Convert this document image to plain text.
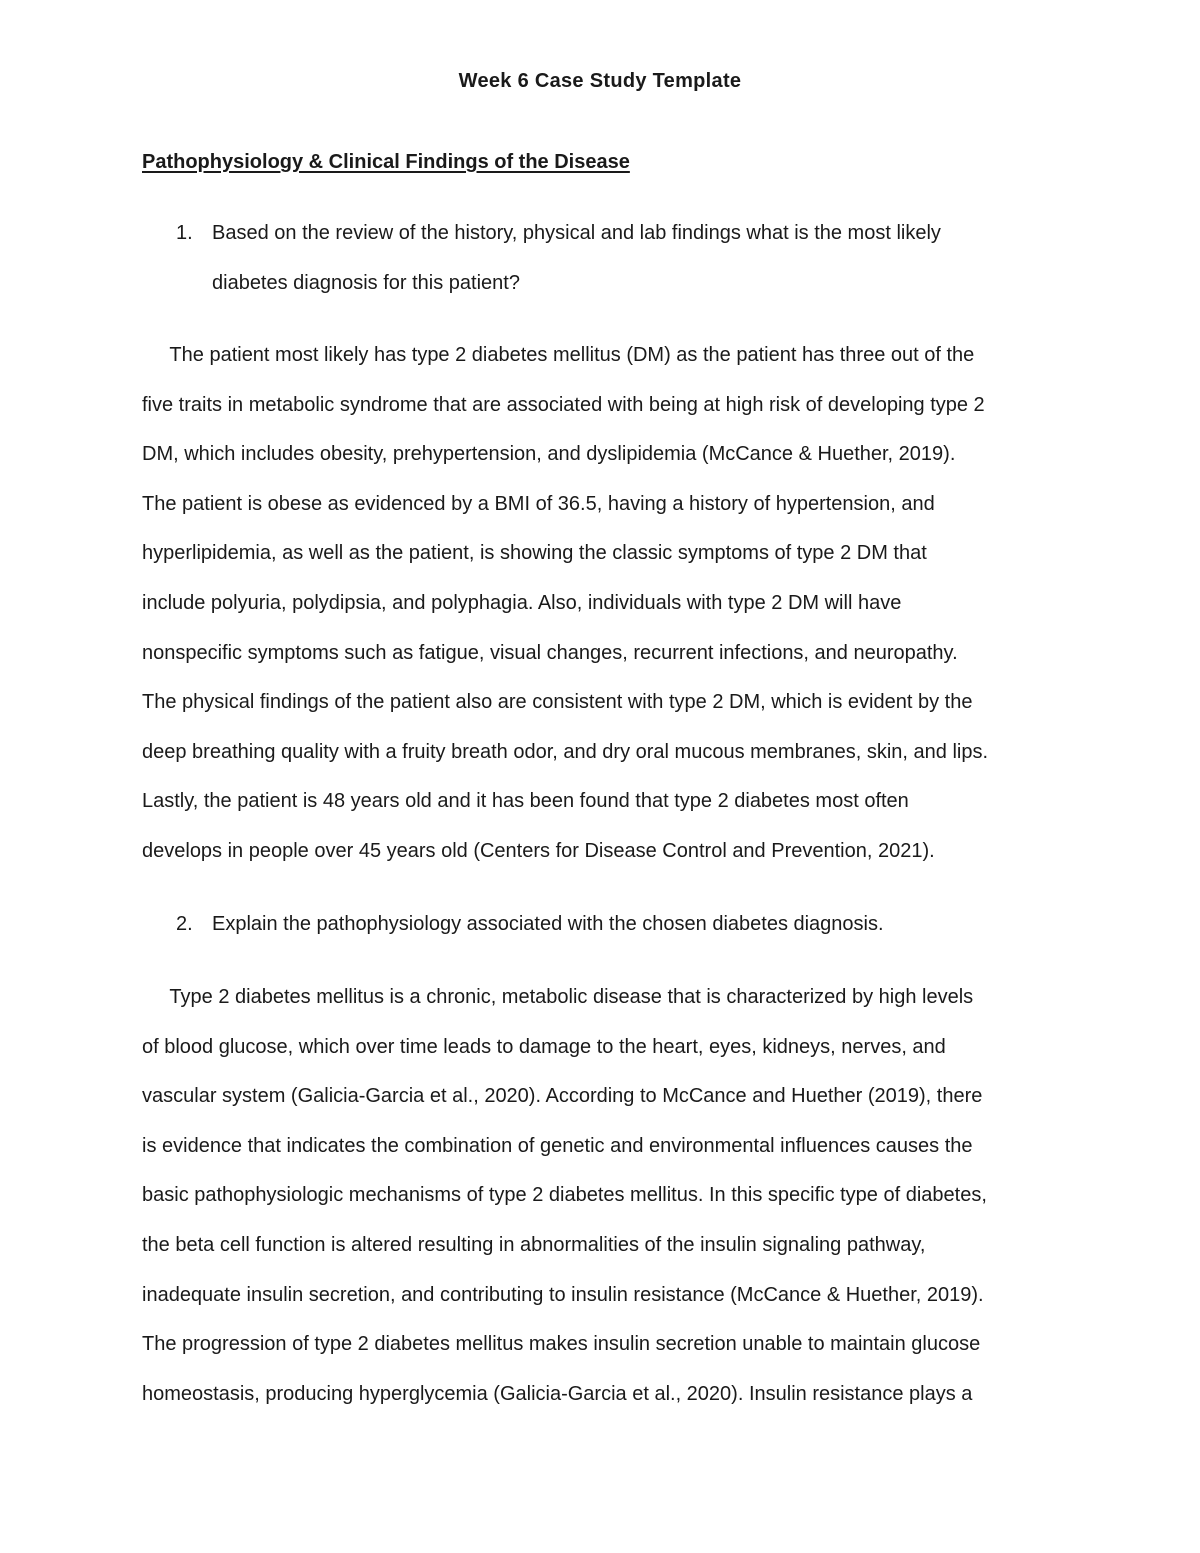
Week 6 Case Study Template
Pathophysiology & Clinical Findings of the Disease
1. Based on the review of the history, physical and lab findings what is the most likely
diabetes diagnosis for this patient?
The patient most likely has type 2 diabetes mellitus (DM) as the patient has three out of the
five traits in metabolic syndrome that are associated with being at high risk of developing type 2
DM, which includes obesity, prehypertension, and dyslipidemia (McCance & Huether, 2019).
The patient is obese as evidenced by a BMI of 36.5, having a history of hypertension, and
hyperlipidemia, as well as the patient, is showing the classic symptoms of type 2 DM that
include polyuria, polydipsia, and polyphagia. Also, individuals with type 2 DM will have
nonspecific symptoms such as fatigue, visual changes, recurrent infections, and neuropathy.
The physical findings of the patient also are consistent with type 2 DM, which is evident by the
deep breathing quality with a fruity breath odor, and dry oral mucous membranes, skin, and lips.
Lastly, the patient is 48 years old and it has been found that type 2 diabetes most often
develops in people over 45 years old (Centers for Disease Control and Prevention, 2021).
2. Explain the pathophysiology associated with the chosen diabetes diagnosis.
Type 2 diabetes mellitus is a chronic, metabolic disease that is characterized by high levels
of blood glucose, which over time leads to damage to the heart, eyes, kidneys, nerves, and
vascular system (Galicia-Garcia et al., 2020). According to McCance and Huether (2019), there
is evidence that indicates the combination of genetic and environmental influences causes the
basic pathophysiologic mechanisms of type 2 diabetes mellitus. In this specific type of diabetes,
the beta cell function is altered resulting in abnormalities of the insulin signaling pathway,
inadequate insulin secretion, and contributing to insulin resistance (McCance & Huether, 2019).
The progression of type 2 diabetes mellitus makes insulin secretion unable to maintain glucose
homeostasis, producing hyperglycemia (Galicia-Garcia et al., 2020). Insulin resistance plays a
